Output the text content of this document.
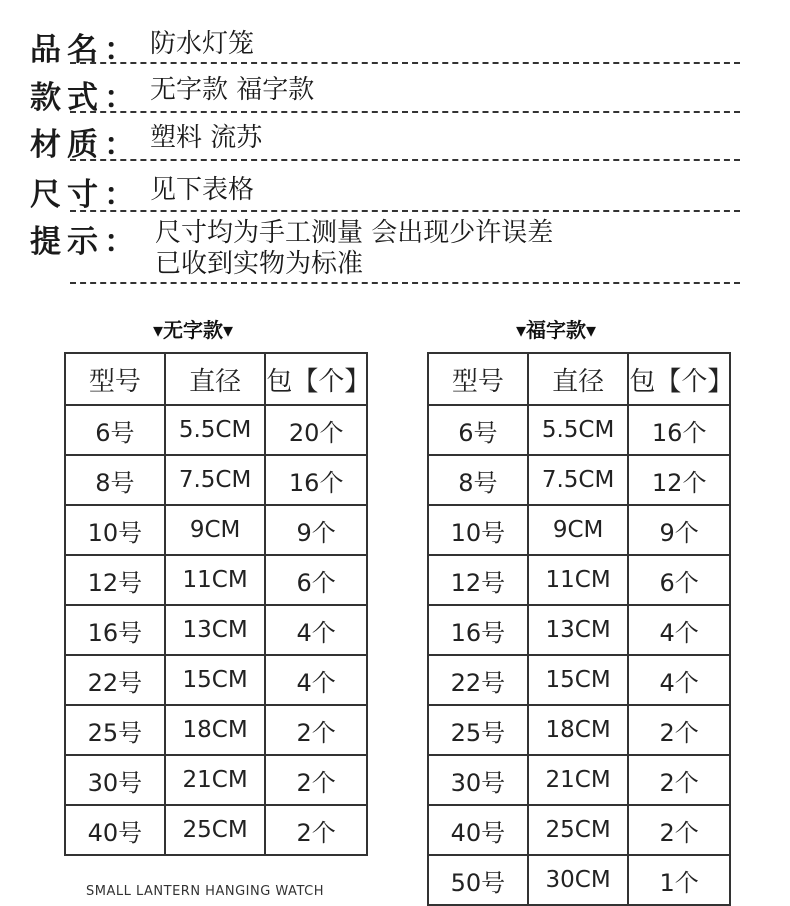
品名： 防水灯笼
款式： 无字款 福字款
材质： 塑料 流苏
尺寸： 见下表格
提示： 尺寸均为手工测量 会出现少许误差
已收到实物为标准
▾无字款▾	▾福字款▾
型号	直径	包【个】
6号	5.5CM	20个
8号	7.5CM	16个
10号	9CM	9个
12号	11CM	6个
16号	13CM	4个
22号	15CM	4个
25号	18CM	2个
30号	21CM	2个
40号	25CM	2个
型号	直径	包【个】
6号	5.5CM	16个
8号	7.5CM	12个
10号	9CM	9个
12号	11CM	6个
16号	13CM	4个
22号	15CM	4个
25号	18CM	2个
30号	21CM	2个
40号	25CM	2个
50号	30CM	1个
SMALL LANTERN HANGING WATCH
